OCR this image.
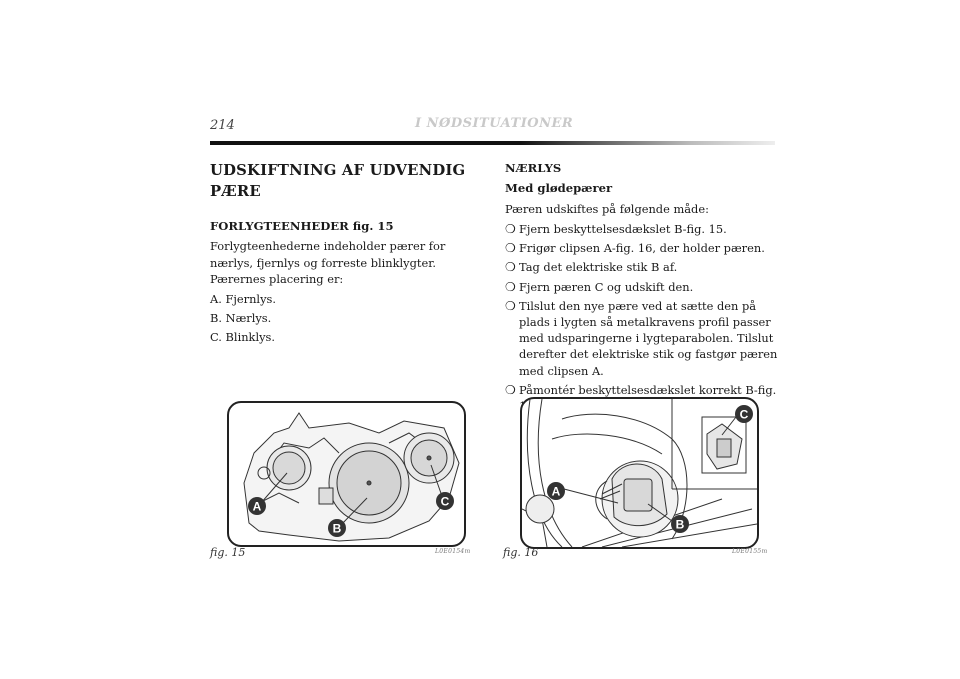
214	I NØDSITUATIONER
UDSKIFTNING AF UDVENDIG PÆRE
FORLYGTEENHEDER fig. 15
Forlygteenhederne indeholder pærer for nærlys, fjernlys og forreste blinklygter. Pærernes placering er:
A. Fjernlys.
B. Nærlys.
C. Blinklys.
NÆRLYS
Med glødepærer
Pæren udskiftes på følgende måde:
❍ Fjern beskyttelsesdækslet B-fig. 15.
❍ Frigør clipsen A-fig. 16, der holder pæren.
❍ Tag det elektriske stik B af.
❍ Fjern pæren C og udskift den.
❍ Tilslut den nye pære ved at sætte den på plads i lygten så metalkravens profil passer med udsparingerne i lygteparabolen. Tilslut derefter det elektriske stik og fastgør pæren med clipsen A.
❍ Påmontér beskyttelsesdækslet korrekt B-fig.
A
B
C
fig. 15	L0E0154m
A
B
C
fig. 16	L0E0155m
